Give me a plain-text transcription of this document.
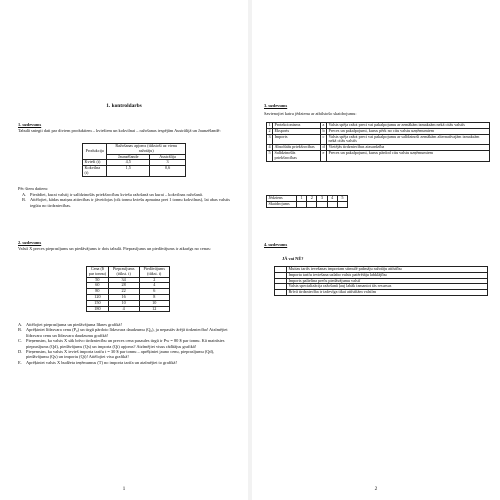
1. kontroldarbs
1. uzdevums
Tabulā sniegti dati par diviem produktiem – kviešiem un kokvilnai – ražošanas iespējām Austrālijā un Jaunzēlandē:
Produkcija	Ražošanas apjoms (tūkstoši uz vienu ražotāju)	
	Jaunzēlande	Austrālija
Kvieši (t)	4,5	3
Kokvilna (t)	1,5	0,6
Pēc šiem datiem:
A. Pierādiet, kurai valstij ir salīdzinošās priekšrocības kviešu ražošanā un kurai – kokvilnas ražošanā.
B. Attēlojiet, kādas maiņas attiecības ir jāveidojas (cik tonnu kviešu apmaina pret 1 tonnu kokvilnas), lai abas valstis iegūtu no tirdzniecības.
2. uzdevums
Valstī X preces pieprasījums un piedāvājums ir dots tabulā. Pieprasījums un piedāvājums ir atkarīgs no cenas:
Cena ($ par tonnu)	Pieprasījums (tūkst. t)	Piedāvājums (tūkst. t)
50	34	2
60	28	4
80	22	6
120	16	8
150	10	10
180	4	12
A. Attēlojiet pieprasījuma un piedāvājuma līknes grafikā!
B. Aprēķiniet līdzsvara cenu (P₀) un tirgū pārdoto līdzsvara daudzumu (Q₀), ja nepastāv ārējā tirdzniecība! Atzīmējiet līdzsvara cenu un līdzsvara daudzumu grafikā!
C. Pieņemsim, ka valsts X sāk brīvo tirdzniecību un preces cena pasaules tirgū ir Pw = 80 $ par tonnu. Kā mainīsies pieprasījums (Qd), piedāvājums (Qs) un importa (Qi) apjoms? Atzīmējiet visus rādītājus grafikā!
D. Pieņemsim, ka valsts X ievieš importa tarifu t = 30 $ par tonnu – aprēķiniet jauno cenu, pieprasījumu (Qd), piedāvājumu (Qs) un importu (Qi)! Attēlojiet visu grafikā!
E. Aprēķiniet valsts X budžeta ieņēmumus (T) no importa tarifa un atzīmējiet to grafikā!
1
3. uzdevums
Savienojiet katru jēdzienu ar atbilstošo skaidrojumu:
1	Protekcionisms	a	Valsts spēja ražot preci vai pakalpojumu ar zemākām izmaksām nekā citās valstīs
2	Eksports	b	Preces un pakalpojumi, kurus pērk no citu valstu uzņēmumiem
3	Imports	c	Valsts spēja ražot preci vai pakalpojumu ar salīdzinoši zemākām alternatīvajām izmaksām nekā citās valstīs
4	Absolūtās priekšrocības	d	Vietējās tirdzniecības aizsardzība
5	Salīdzinošās priekšrocības	e	Preces un pakalpojumi, kurus pārdod citu valstu uzņēmumiem
Jēdziens	1	2	3	4	5
Skaidrojums					
4. uzdevums
JĀ vai NĒ?
	Muitas tarifs ievešanas importam stimulē pašmāju ražotāju attīstību
	Importa tarifu ieviešana uzlabo valsts patērētāju labklājību
	Imports palielina preču piedāvājumu valstī
	Valsts specializācija ražošanā ļauj labāk izmantot tās resursus
	Brīvā tirdzniecība ir izdevīga tikai attīstītām valstīm
2
